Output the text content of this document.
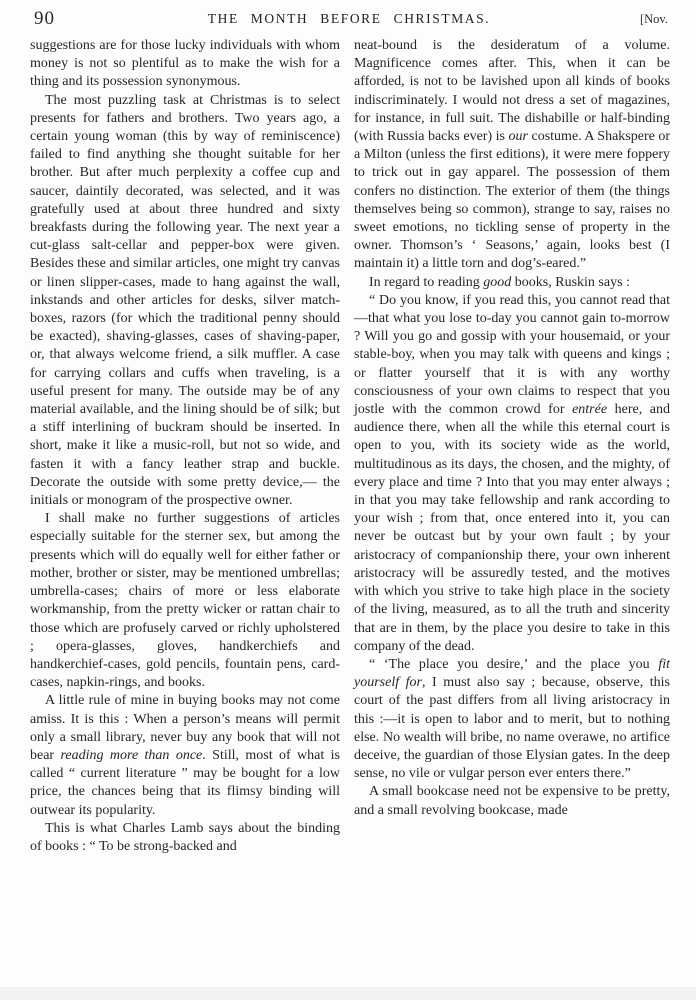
90	THE MONTH BEFORE CHRISTMAS.	[Nov.

suggestions are for those lucky individuals with whom money is not so plentiful as to make the wish for a thing and its possession synonymous.

The most puzzling task at Christmas is to select presents for fathers and brothers. Two years ago, a certain young woman (this by way of reminiscence) failed to find anything she thought suitable for her brother. But after much perplexity a coffee cup and saucer, daintily decorated, was selected, and it was gratefully used at about three hundred and sixty breakfasts during the following year. The next year a cut-glass salt-cellar and pepper-box were given. Besides these and similar articles, one might try canvas or linen slipper-cases, made to hang against the wall, inkstands and other articles for desks, silver match-boxes, razors (for which the traditional penny should be exacted), shaving-glasses, cases of shaving-paper, or, that always welcome friend, a silk muffler. A case for carrying collars and cuffs when traveling, is a useful present for many. The outside may be of any material available, and the lining should be of silk; but a stiff interlining of buckram should be inserted. In short, make it like a music-roll, but not so wide, and fasten it with a fancy leather strap and buckle. Decorate the outside with some pretty device,— the initials or monogram of the prospective owner.

I shall make no further suggestions of articles especially suitable for the sterner sex, but among the presents which will do equally well for either father or mother, brother or sister, may be mentioned umbrellas; umbrella-cases; chairs of more or less elaborate workmanship, from the pretty wicker or rattan chair to those which are profusely carved or richly upholstered ; opera-glasses, gloves, handkerchiefs and handkerchief-cases, gold pencils, fountain pens, card-cases, napkin-rings, and books.

A little rule of mine in buying books may not come amiss. It is this : When a person’s means will permit only a small library, never buy any book that will not bear reading more than once. Still, most of what is called “ current literature ” may be bought for a low price, the chances being that its flimsy binding will outwear its popularity.

This is what Charles Lamb says about the binding of books : “ To be strong-backed and

neat-bound is the desideratum of a volume. Magnificence comes after. This, when it can be afforded, is not to be lavished upon all kinds of books indiscriminately. I would not dress a set of magazines, for instance, in full suit. The dishabille or half-binding (with Russia backs ever) is our costume. A Shakspere or a Milton (unless the first editions), it were mere foppery to trick out in gay apparel. The possession of them confers no distinction. The exterior of them (the things themselves being so common), strange to say, raises no sweet emotions, no tickling sense of property in the owner. Thomson’s ‘ Seasons,’ again, looks best (I maintain it) a little torn and dog’s-eared.”

In regard to reading good books, Ruskin says :

“ Do you know, if you read this, you cannot read that—that what you lose to-day you cannot gain to-morrow ? Will you go and gossip with your housemaid, or your stable-boy, when you may talk with queens and kings ; or flatter yourself that it is with any worthy consciousness of your own claims to respect that you jostle with the common crowd for entrée here, and audience there, when all the while this eternal court is open to you, with its society wide as the world, multitudinous as its days, the chosen, and the mighty, of every place and time ? Into that you may enter always ; in that you may take fellowship and rank according to your wish ; from that, once entered into it, you can never be outcast but by your own fault ; by your aristocracy of companionship there, your own inherent aristocracy will be assuredly tested, and the motives with which you strive to take high place in the society of the living, measured, as to all the truth and sincerity that are in them, by the place you desire to take in this company of the dead.

“ ‘The place you desire,’ and the place you fit yourself for, I must also say ; because, observe, this court of the past differs from all living aristocracy in this :—it is open to labor and to merit, but to nothing else. No wealth will bribe, no name overawe, no artifice deceive, the guardian of those Elysian gates. In the deep sense, no vile or vulgar person ever enters there.”

A small bookcase need not be expensive to be pretty, and a small revolving bookcase, made
